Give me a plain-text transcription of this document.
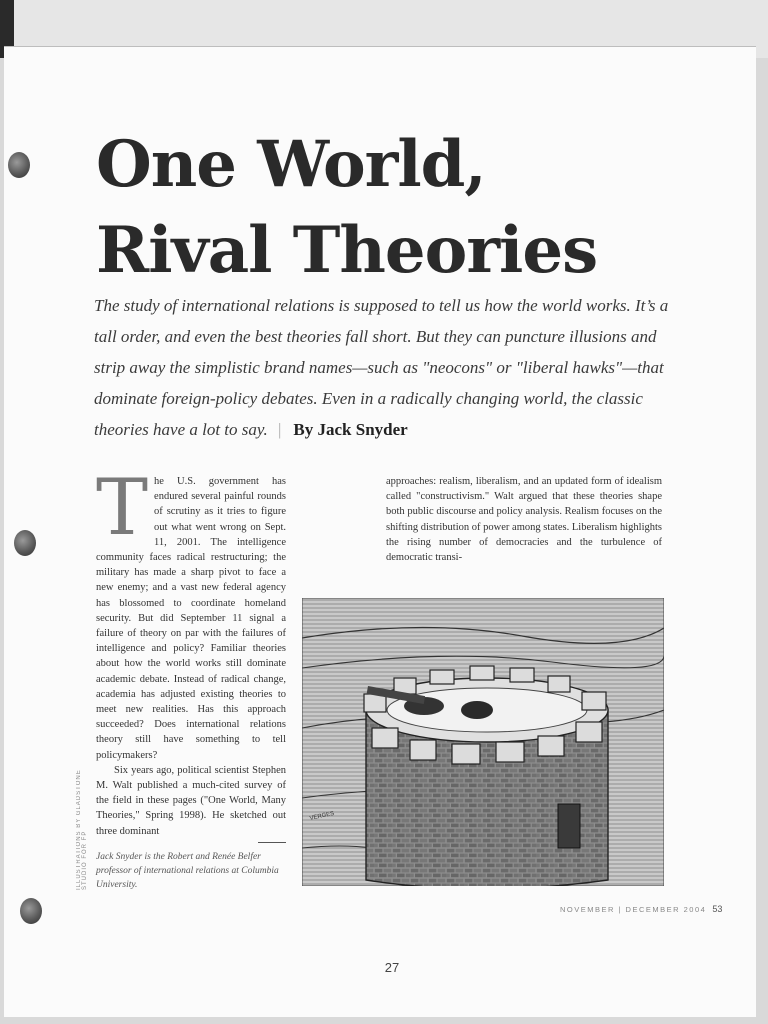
One World,
Rival Theories
The study of international relations is supposed to tell us how the world works. It’s a tall order, and even the best theories fall short. But they can puncture illusions and strip away the simplistic brand names—such as "neocons" or "liberal hawks"—that dominate foreign-policy debates. Even in a radically changing world, the classic theories have a lot to say. | By Jack Snyder
T he U.S. government has endured several painful rounds of scrutiny as it tries to figure out what went wrong on Sept. 11, 2001. The intelligence community faces radical restructuring; the military has made a sharp pivot to face a new enemy; and a vast new federal agency has blossomed to coordinate homeland security. But did September 11 signal a failure of theory on par with the failures of intelligence and policy? Familiar theories about how the world works still dominate academic debate. Instead of radical change, academia has adjusted existing theories to meet new realities. Has this approach succeeded? Does international relations theory still have something to tell policymakers?
Six years ago, political scientist Stephen M. Walt published a much-cited survey of the field in these pages ("One World, Many Theories," Spring 1998). He sketched out three dominant
approaches: realism, liberalism, and an updated form of idealism called "constructivism." Walt argued that these theories shape both public discourse and policy analysis. Realism focuses on the shifting distribution of power among states. Liberalism highlights the rising number of democracies and the turbulence of democratic transi-
Jack Snyder is the Robert and Renée Belfer professor of international relations at Columbia University.
ILLUSTRATIONS BY GLADSTONE STUDIO FOR FP
VERGES
NOVEMBER | DECEMBER 2004 53
27
